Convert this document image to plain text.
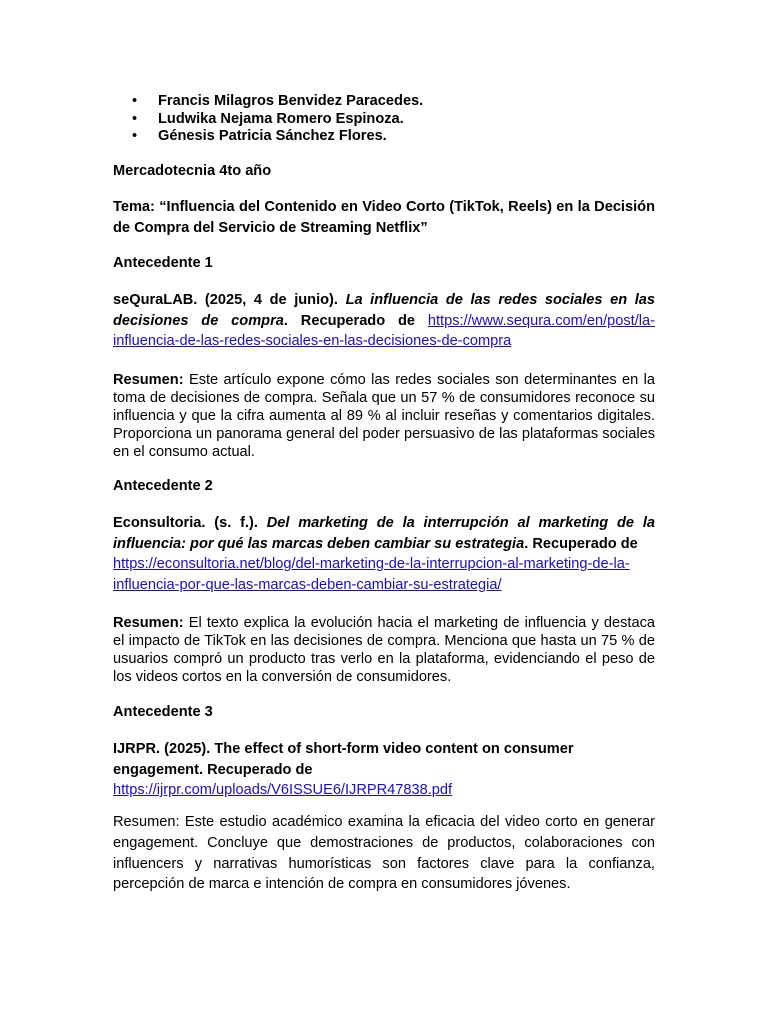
• Francis Milagros Benvidez Paracedes.
• Ludwika Nejama Romero Espinoza.
• Génesis Patricia Sánchez Flores.
Mercadotecnia 4to año
Tema: “Influencia del Contenido en Video Corto (TikTok, Reels) en la Decisión de Compra del Servicio de Streaming Netflix”
Antecedente 1
seQuraLAB. (2025, 4 de junio). La influencia de las redes sociales en las decisiones de compra. Recuperado de https://www.sequra.com/en/post/la-influencia-de-las-redes-sociales-en-las-decisiones-de-compra
Resumen: Este artículo expone cómo las redes sociales son determinantes en la toma de decisiones de compra. Señala que un 57 % de consumidores reconoce su influencia y que la cifra aumenta al 89 % al incluir reseñas y comentarios digitales. Proporciona un panorama general del poder persuasivo de las plataformas sociales en el consumo actual.
Antecedente 2
Econsultoria. (s. f.). Del marketing de la interrupción al marketing de la influencia: por qué las marcas deben cambiar su estrategia. Recuperado de
https://econsultoria.net/blog/del-marketing-de-la-interrupcion-al-marketing-de-la-influencia-por-que-las-marcas-deben-cambiar-su-estrategia/
Resumen: El texto explica la evolución hacia el marketing de influencia y destaca el impacto de TikTok en las decisiones de compra. Menciona que hasta un 75 % de usuarios compró un producto tras verlo en la plataforma, evidenciando el peso de los videos cortos en la conversión de consumidores.
Antecedente 3
IJRPR. (2025). The effect of short-form video content on consumer
engagement. Recuperado de
https://ijrpr.com/uploads/V6ISSUE6/IJRPR47838.pdf
Resumen: Este estudio académico examina la eficacia del video corto en generar engagement. Concluye que demostraciones de productos, colaboraciones con influencers y narrativas humorísticas son factores clave para la confianza, percepción de marca e intención de compra en consumidores jóvenes.
